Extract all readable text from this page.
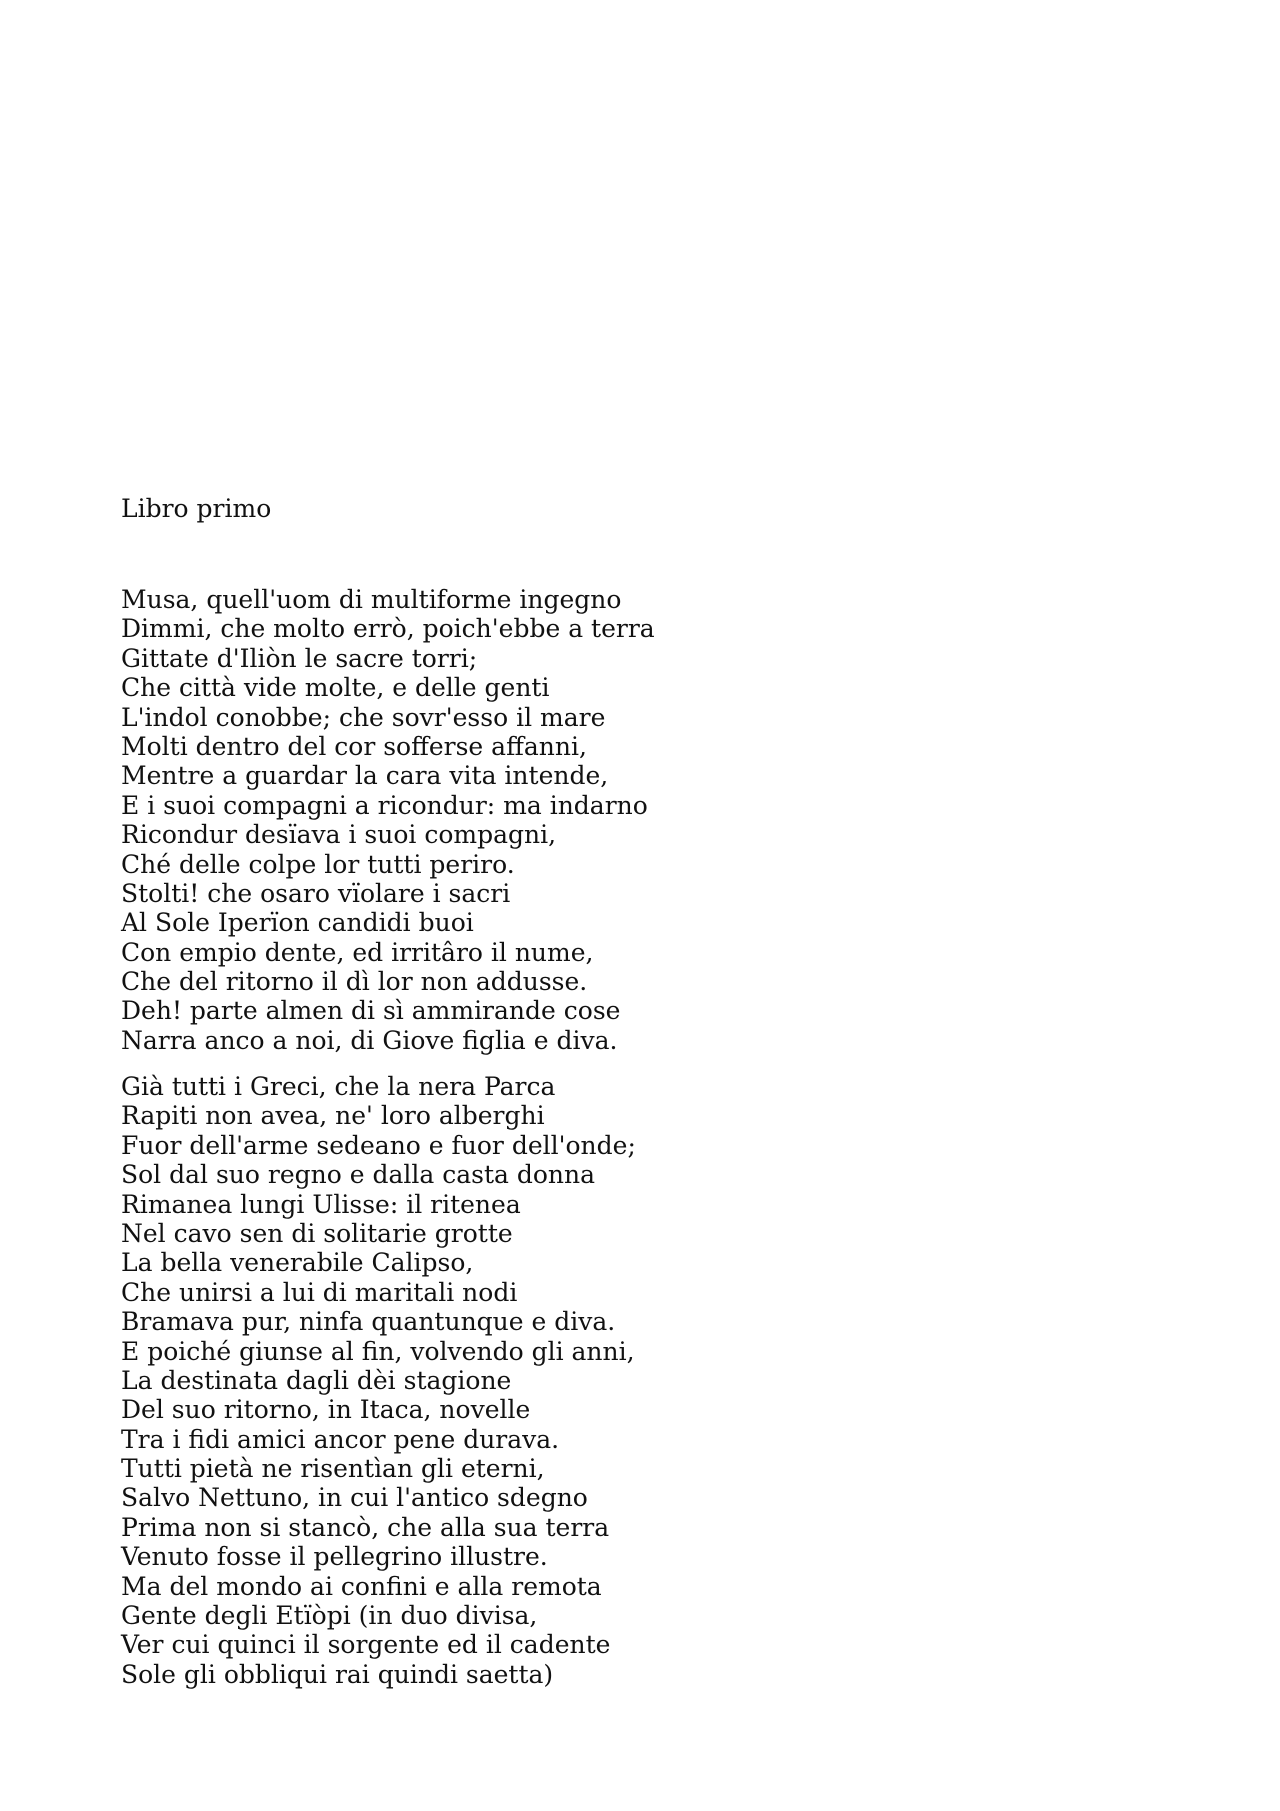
Libro primo
Musa, quell'uom di multiforme ingegno
Dimmi, che molto errò, poich'ebbe a terra
Gittate d'Iliòn le sacre torri;
Che città vide molte, e delle genti
L'indol conobbe; che sovr'esso il mare
Molti dentro del cor sofferse affanni,
Mentre a guardar la cara vita intende,
E i suoi compagni a ricondur: ma indarno
Ricondur desïava i suoi compagni,
Ché delle colpe lor tutti periro.
Stolti! che osaro vïolare i sacri
Al Sole Iperïon candidi buoi
Con empio dente, ed irritâro il nume,
Che del ritorno il dì lor non addusse.
Deh! parte almen di sì ammirande cose
Narra anco a noi, di Giove figlia e diva.
Già tutti i Greci, che la nera Parca
Rapiti non avea, ne' loro alberghi
Fuor dell'arme sedeano e fuor dell'onde;
Sol dal suo regno e dalla casta donna
Rimanea lungi Ulisse: il ritenea
Nel cavo sen di solitarie grotte
La bella venerabile Calipso,
Che unirsi a lui di maritali nodi
Bramava pur, ninfa quantunque e diva.
E poiché giunse al fin, volvendo gli anni,
La destinata dagli dèi stagione
Del suo ritorno, in Itaca, novelle
Tra i fidi amici ancor pene durava.
Tutti pietà ne risentìan gli eterni,
Salvo Nettuno, in cui l'antico sdegno
Prima non si stancò, che alla sua terra
Venuto fosse il pellegrino illustre.
Ma del mondo ai confini e alla remota
Gente degli Etïòpi (in duo divisa,
Ver cui quinci il sorgente ed il cadente
Sole gli obbliqui rai quindi saetta)
